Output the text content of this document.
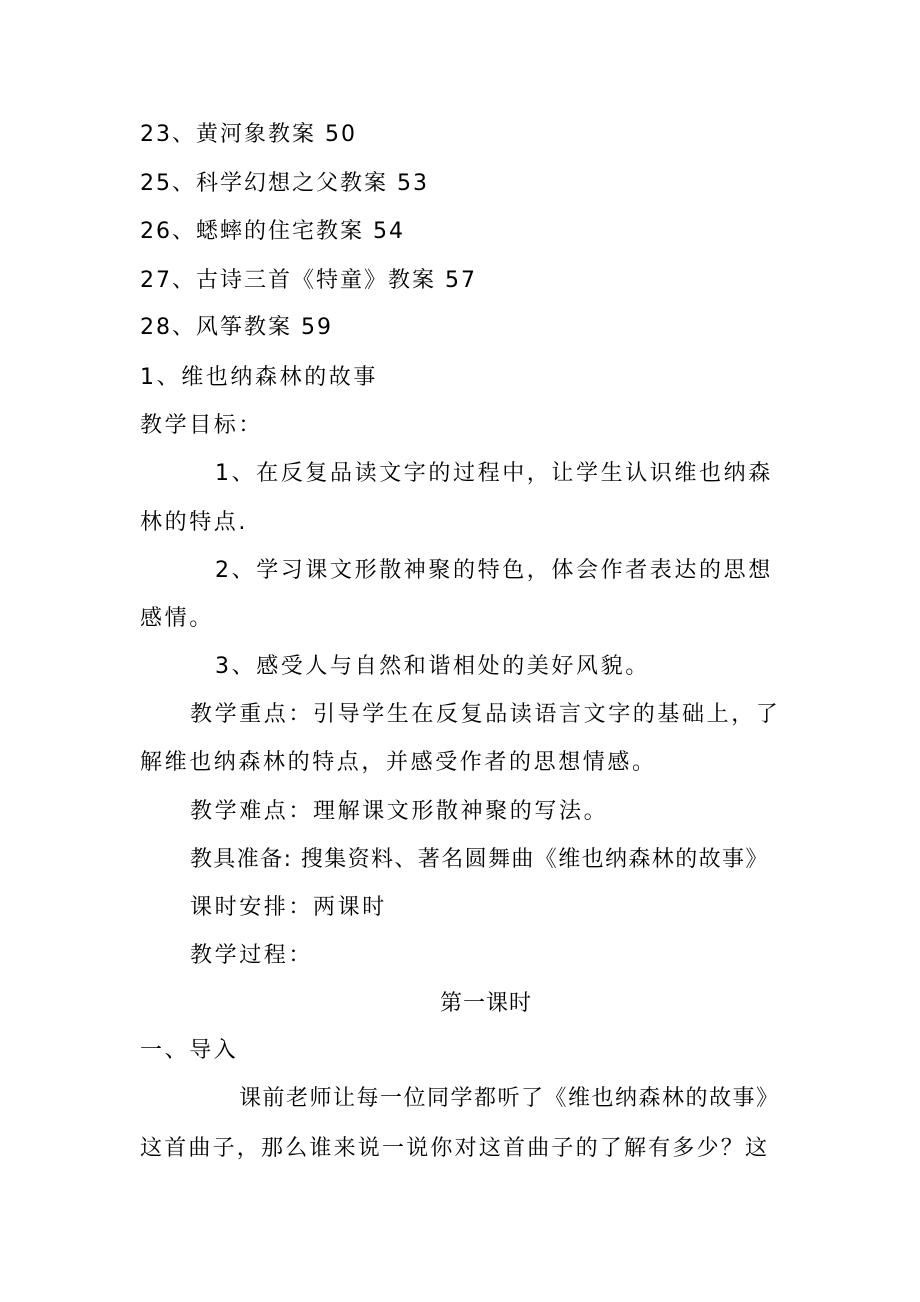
23、黄河象教案 50
25、科学幻想之父教案 53
26、蟋蟀的住宅教案 54
27、古诗三首《特童》教案 57
28、风筝教案 59
1、维也纳森林的故事
教学目标：
1、在反复品读文字的过程中，让学生认识维也纳森
林的特点.
2、学习课文形散神聚的特色，体会作者表达的思想
感情。
3、感受人与自然和谐相处的美好风貌。
教学重点：引导学生在反复品读语言文字的基础上，了
解维也纳森林的特点，并感受作者的思想情感。
教学难点：理解课文形散神聚的写法。
教具准备: 搜集资料、著名圆舞曲《维也纳森林的故事》
课时安排：两课时
教学过程：
第一课时
一、导入
课前老师让每一位同学都听了《维也纳森林的故事》
这首曲子，那么谁来说一说你对这首曲子的了解有多少？这
